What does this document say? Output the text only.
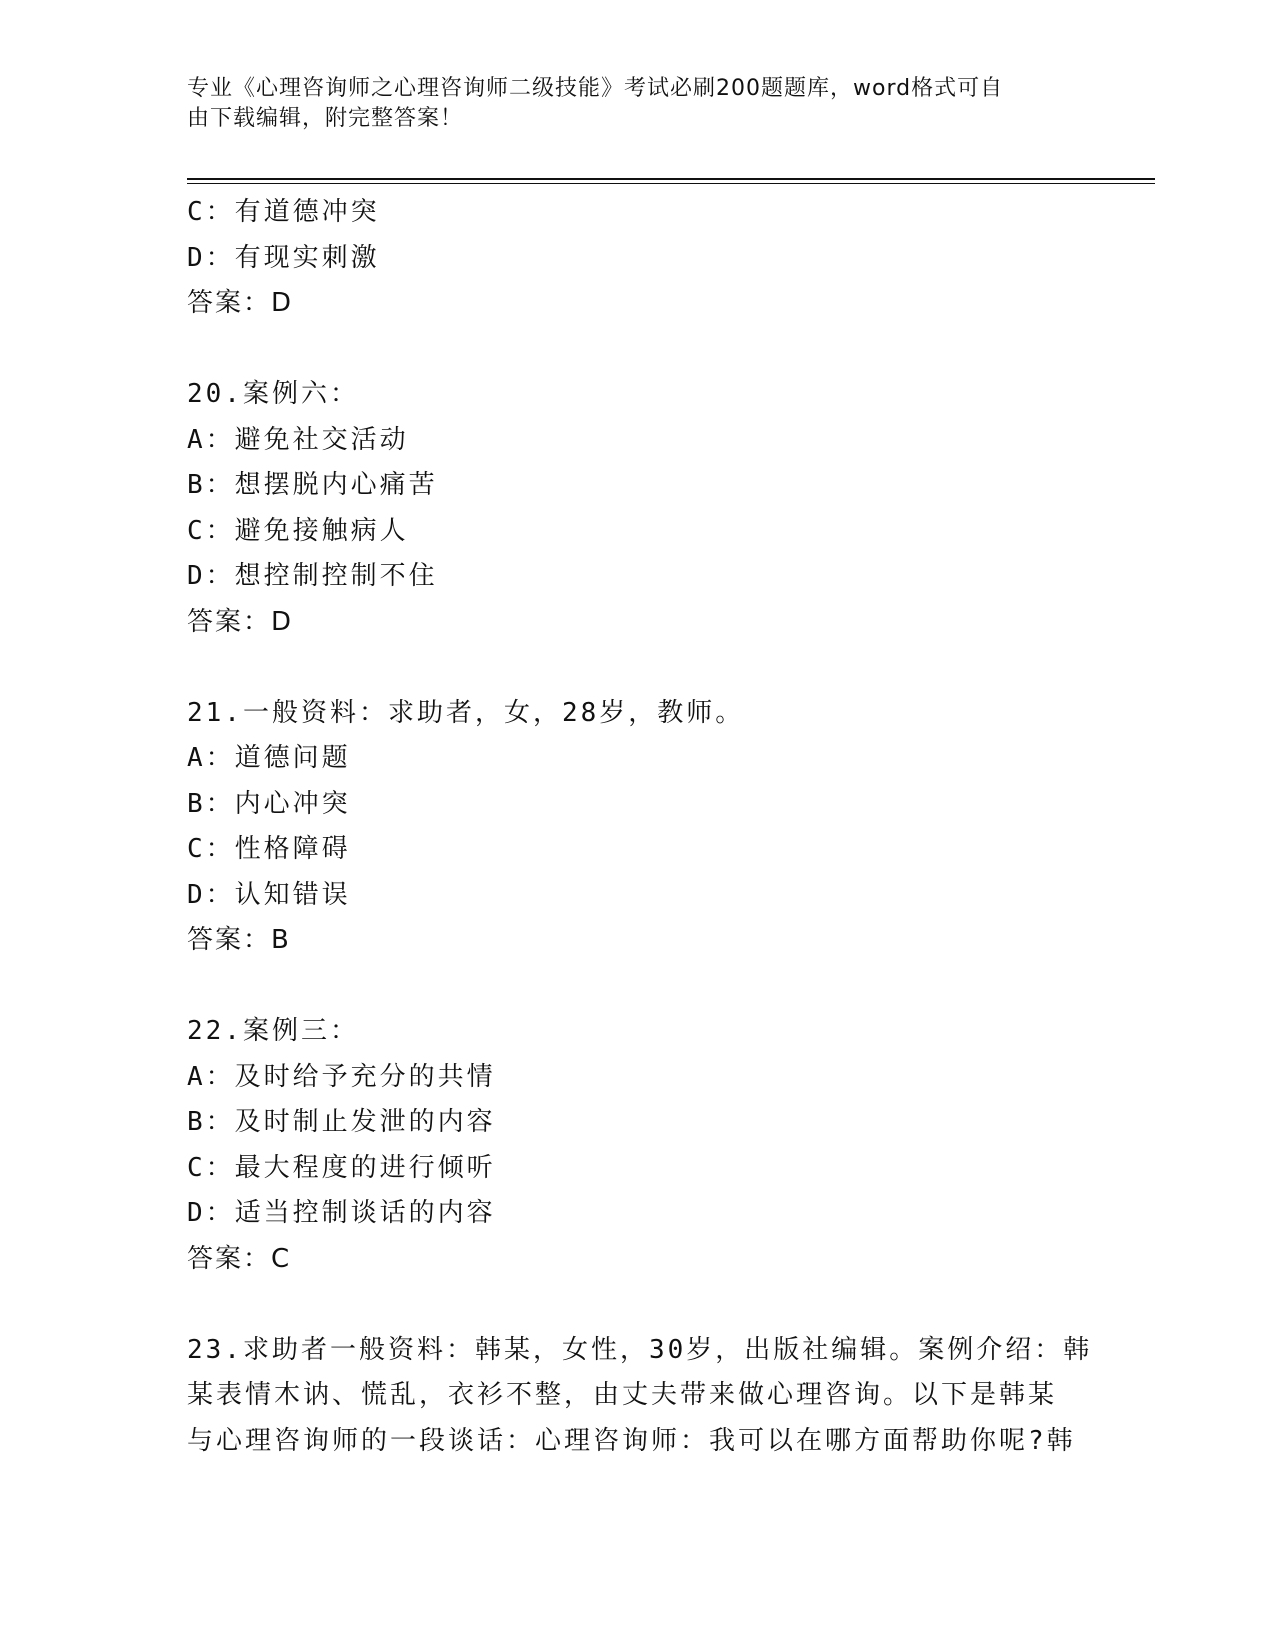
专业《心理咨询师之心理咨询师二级技能》考试必刷200题题库，word格式可自
由下载编辑，附完整答案！
C：有道德冲突
D：有现实刺激
答案：D
20.案例六：
A：避免社交活动
B：想摆脱内心痛苦
C：避免接触病人
D：想控制控制不住
答案：D
21.一般资料：求助者，女，28岁，教师。
A：道德问题
B：内心冲突
C：性格障碍
D：认知错误
答案：B
22.案例三：
A：及时给予充分的共情
B：及时制止发泄的内容
C：最大程度的进行倾听
D：适当控制谈话的内容
答案：C
23.求助者一般资料：韩某，女性，30岁，出版社编辑。案例介绍：韩
某表情木讷、慌乱，衣衫不整，由丈夫带来做心理咨询。以下是韩某
与心理咨询师的一段谈话：心理咨询师：我可以在哪方面帮助你呢?韩
